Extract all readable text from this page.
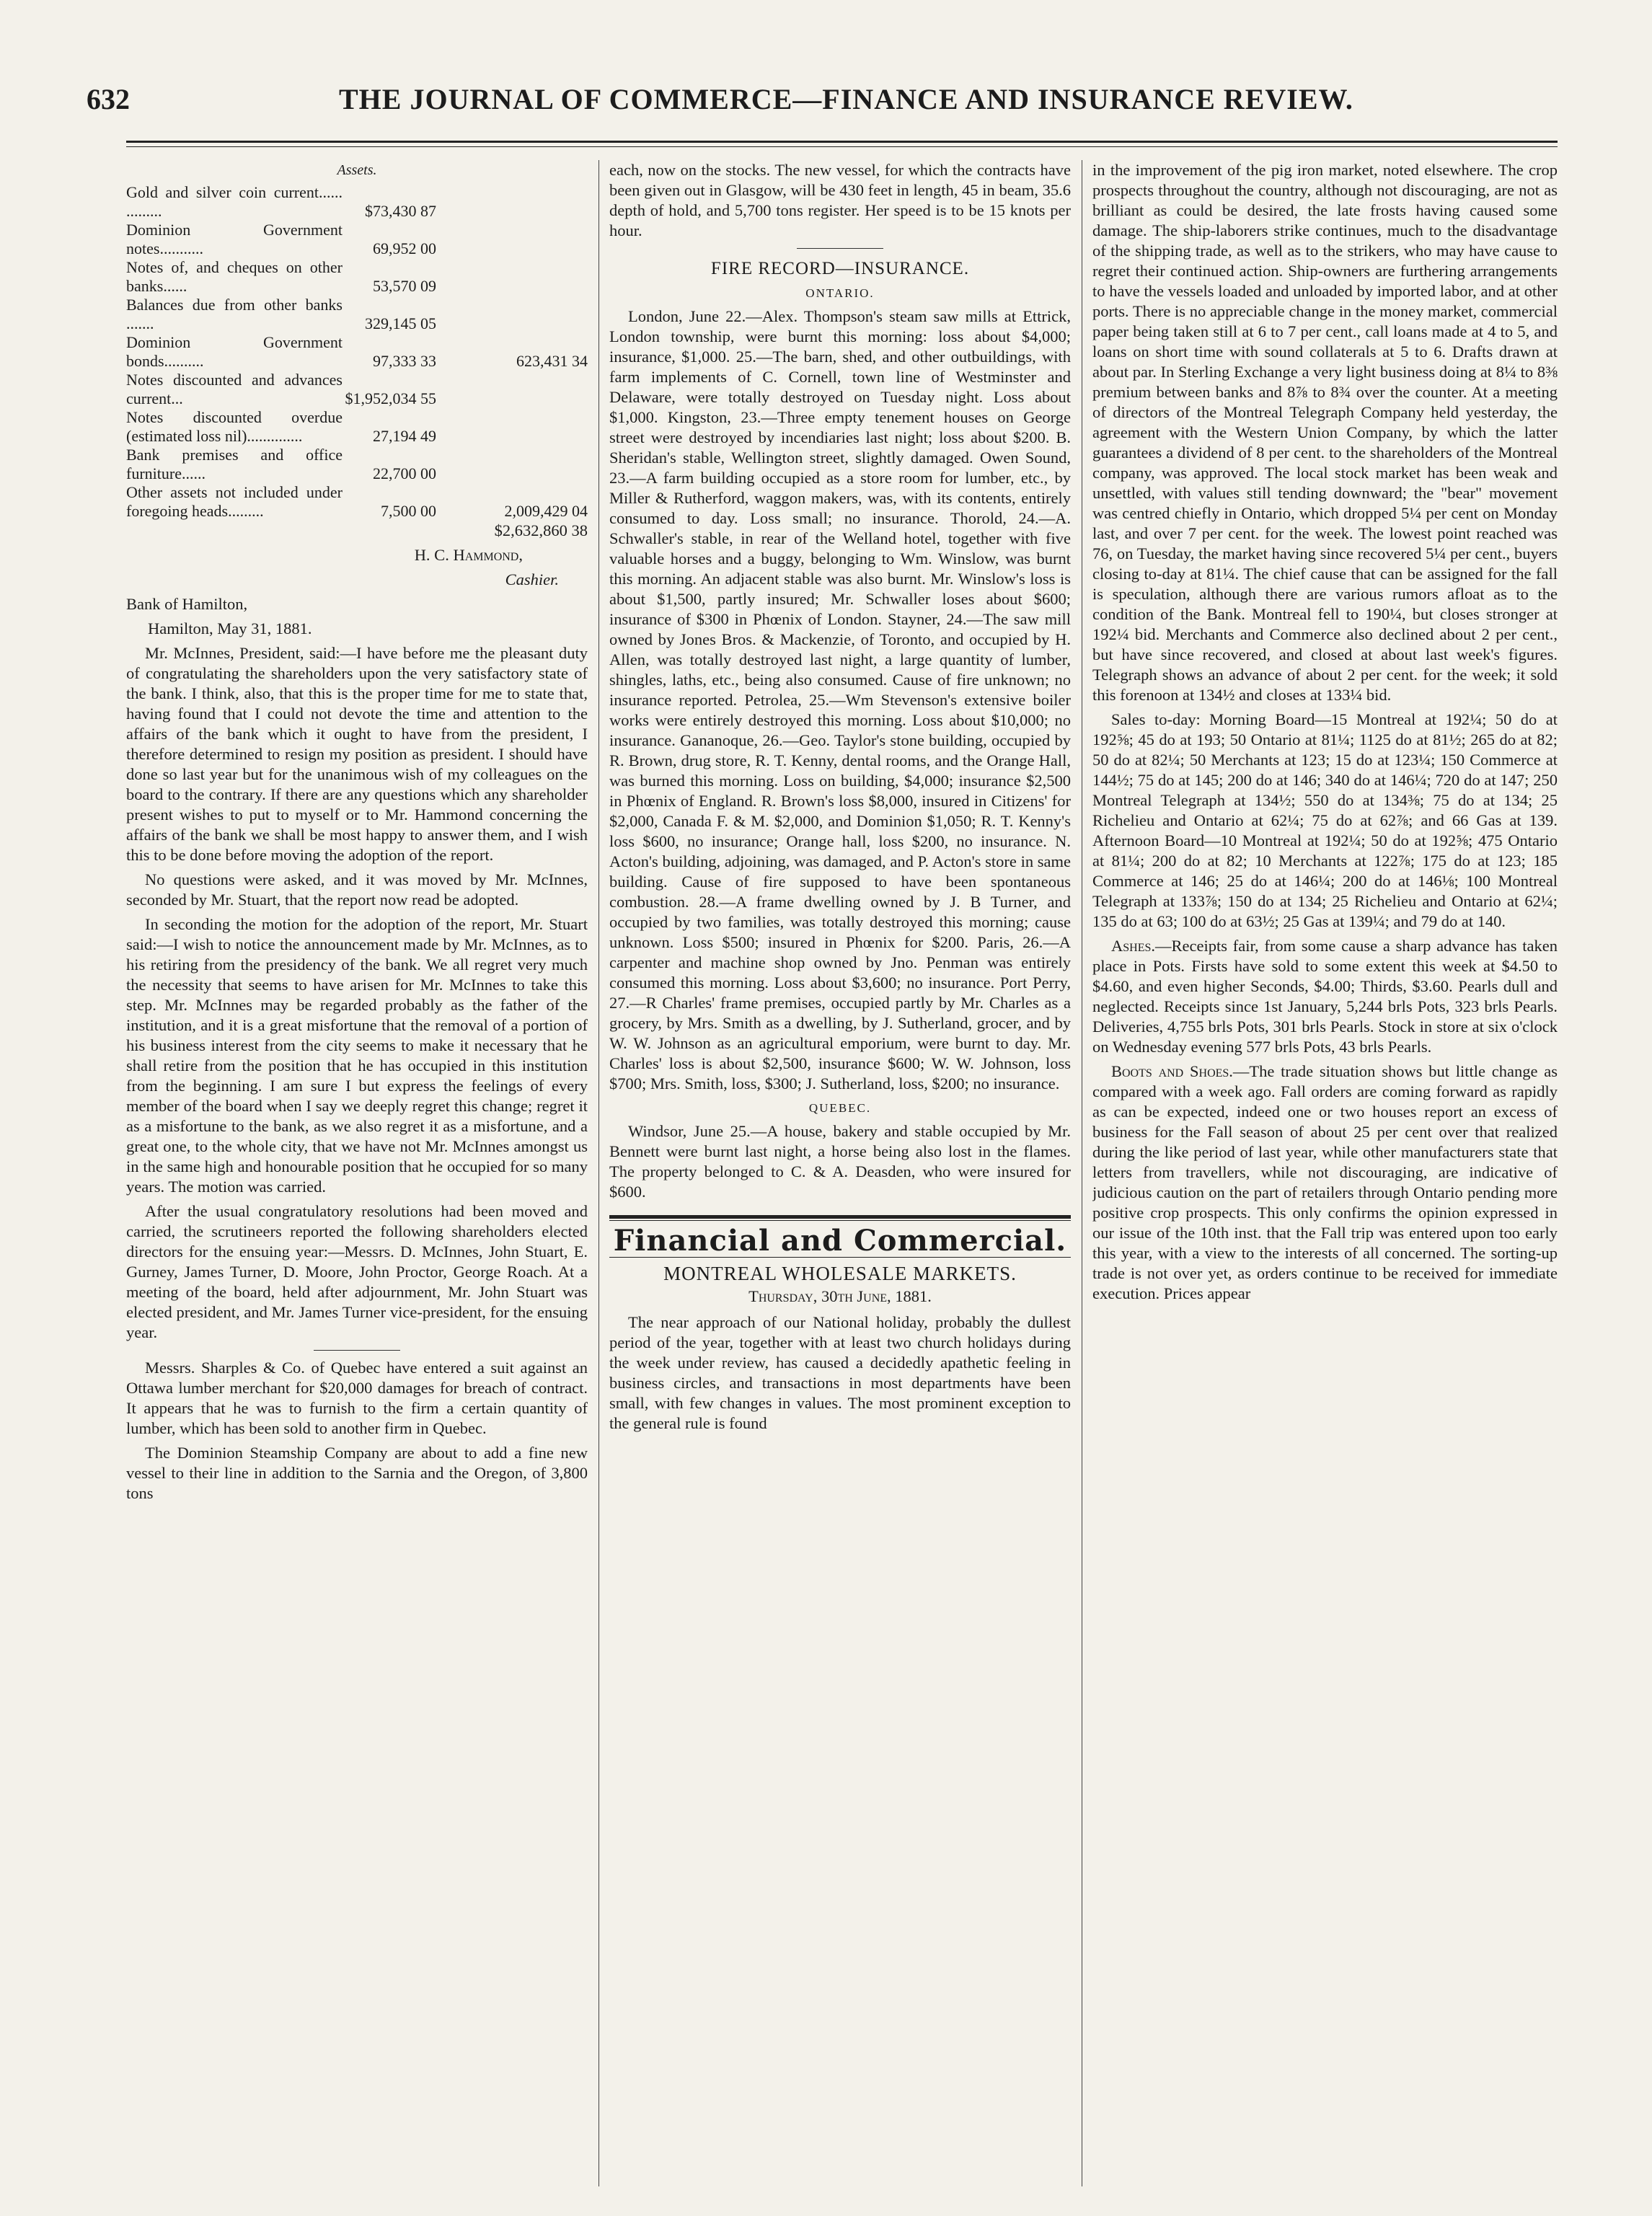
632	THE JOURNAL OF COMMERCE—FINANCE AND INSURANCE REVIEW.
Assets.
Gold and silver coin current...... .........	$73,430 87	
Dominion Government notes...........	69,952 00	
Notes of, and cheques on other banks......	53,570 09	
Balances due from other banks .......	329,145 05	
Dominion Government bonds..........	97,333 33	623,431 34
Notes discounted and advances current...	$1,952,034 55	
Notes discounted overdue (estimated loss nil)..............	27,194 49	
Bank premises and office furniture......	22,700 00	
Other assets not included under foregoing heads.........	7,500 00	2,009,429 04

$2,632,860 38

H. C. Hammond,

Cashier.

Bank of Hamilton,

Hamilton, May 31, 1881.

Mr. McInnes, President, said:—I have before me the pleasant duty of congratulating the shareholders upon the very satisfactory state of the bank. I think, also, that this is the proper time for me to state that, having found that I could not devote the time and attention to the affairs of the bank which it ought to have from the president, I therefore determined to resign my position as president. I should have done so last year but for the unanimous wish of my colleagues on the board to the contrary. If there are any questions which any shareholder present wishes to put to myself or to Mr. Hammond concerning the affairs of the bank we shall be most happy to answer them, and I wish this to be done before moving the adoption of the report.

No questions were asked, and it was moved by Mr. McInnes, seconded by Mr. Stuart, that the report now read be adopted.

In seconding the motion for the adoption of the report, Mr. Stuart said:—I wish to notice the announcement made by Mr. McInnes, as to his retiring from the presidency of the bank. We all regret very much the necessity that seems to have arisen for Mr. McInnes to take this step. Mr. McInnes may be regarded probably as the father of the institution, and it is a great misfortune that the removal of a portion of his business interest from the city seems to make it necessary that he shall retire from the position that he has occupied in this institution from the beginning. I am sure I but express the feelings of every member of the board when I say we deeply regret this change; regret it as a misfortune to the bank, as we also regret it as a misfortune, and a great one, to the whole city, that we have not Mr. McInnes amongst us in the same high and honourable position that he occupied for so many years. The motion was carried.

After the usual congratulatory resolutions had been moved and carried, the scrutineers reported the following shareholders elected directors for the ensuing year:—Messrs. D. McInnes, John Stuart, E. Gurney, James Turner, D. Moore, John Proctor, George Roach. At a meeting of the board, held after adjournment, Mr. John Stuart was elected president, and Mr. James Turner vice-president, for the ensuing year.

Messrs. Sharples & Co. of Quebec have entered a suit against an Ottawa lumber merchant for $20,000 damages for breach of contract. It appears that he was to furnish to the firm a certain quantity of lumber, which has been sold to another firm in Quebec.

The Dominion Steamship Company are about to add a fine new vessel to their line in addition to the Sarnia and the Oregon, of 3,800 tons

each, now on the stocks. The new vessel, for which the contracts have been given out in Glasgow, will be 430 feet in length, 45 in beam, 35.6 depth of hold, and 5,700 tons register. Her speed is to be 15 knots per hour.

FIRE RECORD—INSURANCE.
ONTARIO.

London, June 22.—Alex. Thompson's steam saw mills at Ettrick, London township, were burnt this morning: loss about $4,000; insurance, $1,000. 25.—The barn, shed, and other outbuildings, with farm implements of C. Cornell, town line of Westminster and Delaware, were totally destroyed on Tuesday night. Loss about $1,000. Kingston, 23.—Three empty tenement houses on George street were destroyed by incendiaries last night; loss about $200. B. Sheridan's stable, Wellington street, slightly damaged. Owen Sound, 23.—A farm building occupied as a store room for lumber, etc., by Miller & Rutherford, waggon makers, was, with its contents, entirely consumed to day. Loss small; no insurance. Thorold, 24.—A. Schwaller's stable, in rear of the Welland hotel, together with five valuable horses and a buggy, belonging to Wm. Winslow, was burnt this morning. An adjacent stable was also burnt. Mr. Winslow's loss is about $1,500, partly insured; Mr. Schwaller loses about $600; insurance of $300 in Phœnix of London. Stayner, 24.—The saw mill owned by Jones Bros. & Mackenzie, of Toronto, and occupied by H. Allen, was totally destroyed last night, a large quantity of lumber, shingles, laths, etc., being also consumed. Cause of fire unknown; no insurance reported. Petrolea, 25.—Wm Stevenson's extensive boiler works were entirely destroyed this morning. Loss about $10,000; no insurance. Gananoque, 26.—Geo. Taylor's stone building, occupied by R. Brown, drug store, R. T. Kenny, dental rooms, and the Orange Hall, was burned this morning. Loss on building, $4,000; insurance $2,500 in Phœnix of England. R. Brown's loss $8,000, insured in Citizens' for $2,000, Canada F. & M. $2,000, and Dominion $1,050; R. T. Kenny's loss $600, no insurance; Orange hall, loss $200, no insurance. N. Acton's building, adjoining, was damaged, and P. Acton's store in same building. Cause of fire supposed to have been spontaneous combustion. 28.—A frame dwelling owned by J. B Turner, and occupied by two families, was totally destroyed this morning; cause unknown. Loss $500; insured in Phœnix for $200. Paris, 26.—A carpenter and machine shop owned by Jno. Penman was entirely consumed this morning. Loss about $3,600; no insurance. Port Perry, 27.—R Charles' frame premises, occupied partly by Mr. Charles as a grocery, by Mrs. Smith as a dwelling, by J. Sutherland, grocer, and by W. W. Johnson as an agricultural emporium, were burnt to day. Mr. Charles' loss is about $2,500, insurance $600; W. W. Johnson, loss $700; Mrs. Smith, loss, $300; J. Sutherland, loss, $200; no insurance.

QUEBEC.

Windsor, June 25.—A house, bakery and stable occupied by Mr. Bennett were burnt last night, a horse being also lost in the flames. The property belonged to C. & A. Deasden, who were insured for $600.

Financial and Commercial.
MONTREAL WHOLESALE MARKETS.
Thursday, 30th June, 1881.

The near approach of our National holiday, probably the dullest period of the year, together with at least two church holidays during the week under review, has caused a decidedly apathetic feeling in business circles, and transactions in most departments have been small, with few changes in values. The most prominent exception to the general rule is found

in the improvement of the pig iron market, noted elsewhere. The crop prospects throughout the country, although not discouraging, are not as brilliant as could be desired, the late frosts having caused some damage. The ship-laborers strike continues, much to the disadvantage of the shipping trade, as well as to the strikers, who may have cause to regret their continued action. Ship-owners are furthering arrangements to have the vessels loaded and unloaded by imported labor, and at other ports. There is no appreciable change in the money market, commercial paper being taken still at 6 to 7 per cent., call loans made at 4 to 5, and loans on short time with sound collaterals at 5 to 6. Drafts drawn at about par. In Sterling Exchange a very light business doing at 8¼ to 8⅜ premium between banks and 8⅞ to 8¾ over the counter. At a meeting of directors of the Montreal Telegraph Company held yesterday, the agreement with the Western Union Company, by which the latter guarantees a dividend of 8 per cent. to the shareholders of the Montreal company, was approved. The local stock market has been weak and unsettled, with values still tending downward; the "bear" movement was centred chiefly in Ontario, which dropped 5¼ per cent on Monday last, and over 7 per cent. for the week. The lowest point reached was 76, on Tuesday, the market having since recovered 5¼ per cent., buyers closing to-day at 81¼. The chief cause that can be assigned for the fall is speculation, although there are various rumors afloat as to the condition of the Bank. Montreal fell to 190¼, but closes stronger at 192¼ bid. Merchants and Commerce also declined about 2 per cent., but have since recovered, and closed at about last week's figures. Telegraph shows an advance of about 2 per cent. for the week; it sold this forenoon at 134½ and closes at 133¼ bid.

Sales to-day: Morning Board—15 Montreal at 192¼; 50 do at 192⅝; 45 do at 193; 50 Ontario at 81¼; 1125 do at 81½; 265 do at 82; 50 do at 82¼; 50 Merchants at 123; 15 do at 123¼; 150 Commerce at 144½; 75 do at 145; 200 do at 146; 340 do at 146¼; 720 do at 147; 250 Montreal Telegraph at 134½; 550 do at 134⅜; 75 do at 134; 25 Richelieu and Ontario at 62¼; 75 do at 62⅞; and 66 Gas at 139. Afternoon Board—10 Montreal at 192¼; 50 do at 192⅝; 475 Ontario at 81¼; 200 do at 82; 10 Merchants at 122⅞; 175 do at 123; 185 Commerce at 146; 25 do at 146¼; 200 do at 146⅛; 100 Montreal Telegraph at 133⅞; 150 do at 134; 25 Richelieu and Ontario at 62¼; 135 do at 63; 100 do at 63½; 25 Gas at 139¼; and 79 do at 140.

Ashes.—Receipts fair, from some cause a sharp advance has taken place in Pots. Firsts have sold to some extent this week at $4.50 to $4.60, and even higher Seconds, $4.00; Thirds, $3.60. Pearls dull and neglected. Receipts since 1st January, 5,244 brls Pots, 323 brls Pearls. Deliveries, 4,755 brls Pots, 301 brls Pearls. Stock in store at six o'clock on Wednesday evening 577 brls Pots, 43 brls Pearls.

Boots and Shoes.—The trade situation shows but little change as compared with a week ago. Fall orders are coming forward as rapidly as can be expected, indeed one or two houses report an excess of business for the Fall season of about 25 per cent over that realized during the like period of last year, while other manufacturers state that letters from travellers, while not discouraging, are indicative of judicious caution on the part of retailers through Ontario pending more positive crop prospects. This only confirms the opinion expressed in our issue of the 10th inst. that the Fall trip was entered upon too early this year, with a view to the interests of all concerned. The sorting-up trade is not over yet, as orders continue to be received for immediate execution. Prices appear
